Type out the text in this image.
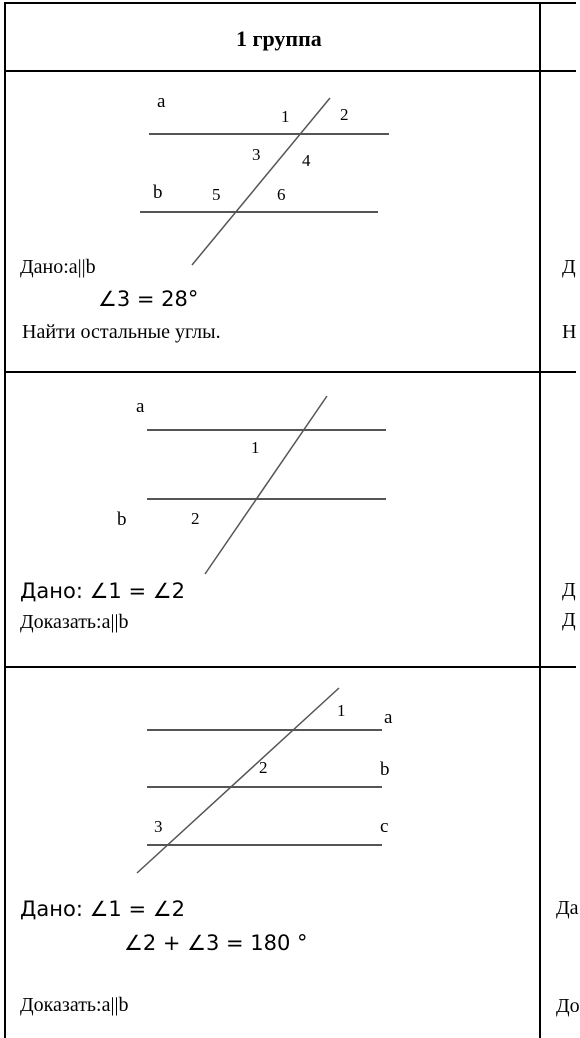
1 группа
a
b
1	2
3 4
5	6
Дано:a||b
∠3 = 28°
Найти остальные углы.
Д
Н
a
b
1
2
Дано: ∠1 = ∠2
Доказать:a||b
Д
Д
a
b
c
1
2
3
Дано: ∠1 = ∠2
∠2 + ∠3 = 180 °
Доказать:a||b
Да
До
